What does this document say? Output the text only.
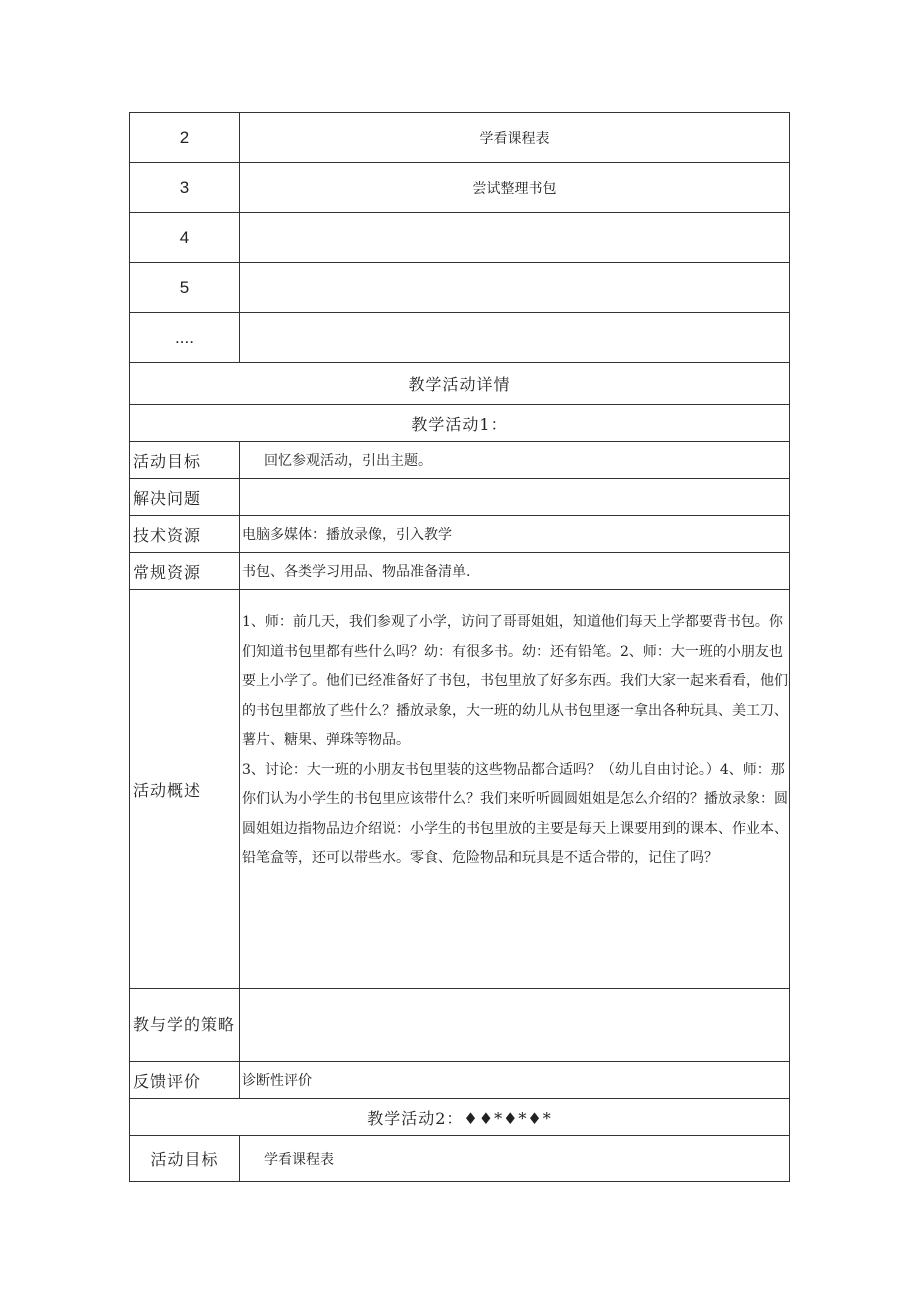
2	学看课程表
3	尝试整理书包
4	
5	
....	
教学活动详情	
教学活动1：	
活动目标	回忆参观活动，引出主题。
解决问题	
技术资源	电脑多媒体：播放录像，引入教学
常规资源	书包、各类学习用品、物品准备清单.
活动概述	1、师：前几天，我们参观了小学，访问了哥哥姐姐，知道他们每天上学都要背书包。你们知道书包里都有些什么吗？幼：有很多书。幼：还有铅笔。2、师：大一班的小朋友也要上小学了。他们已经准备好了书包，书包里放了好多东西。我们大家一起来看看，他们的书包里都放了些什么？播放录象，大一班的幼儿从书包里逐一拿出各种玩具、美工刀、薯片、糖果、弹珠等物品。

3、讨论：大一班的小朋友书包里装的这些物品都合适吗？（幼儿自由讨论。）4、师：那你们认为小学生的书包里应该带什么？我们来听听圆圆姐姐是怎么介绍的？播放录象：圆圆姐姐边指物品边介绍说：小学生的书包里放的主要是每天上课要用到的课本、作业本、铅笔盒等，还可以带些水。零食、危险物品和玩具是不适合带的，记住了吗？

教与学的策略	
反馈评价	诊断性评价
教学活动2：♦♦*♦*♦*	
活动目标	学看课程表
